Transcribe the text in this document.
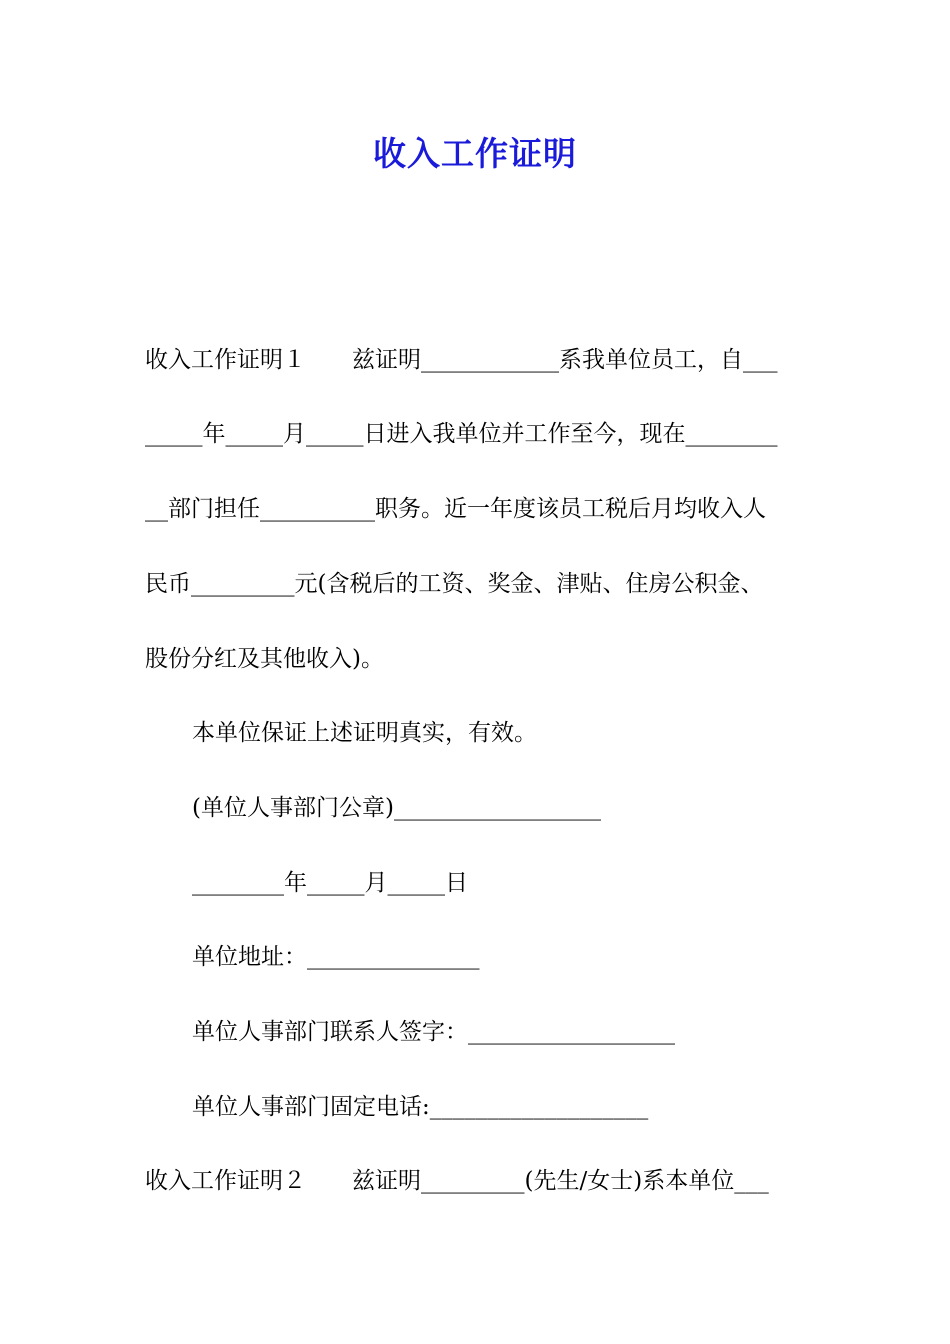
收入工作证明

收入工作证明１ 兹证明____________系我单位员工，自___

_____年_____月_____日进入我单位并工作至今，现在________

__部门担任__________职务。近一年度该员工税后月均收入人

民币_________元(含税后的工资、奖金、津贴、住房公积金、

股份分红及其他收入)。

本单位保证上述证明真实，有效。

(单位人事部门公章)__________________

________年_____月_____日

单位地址：_______________

单位人事部门联系人签字：__________________

单位人事部门固定电话:___________________

收入工作证明２ 兹证明_________(先生/女士)系本单位___
